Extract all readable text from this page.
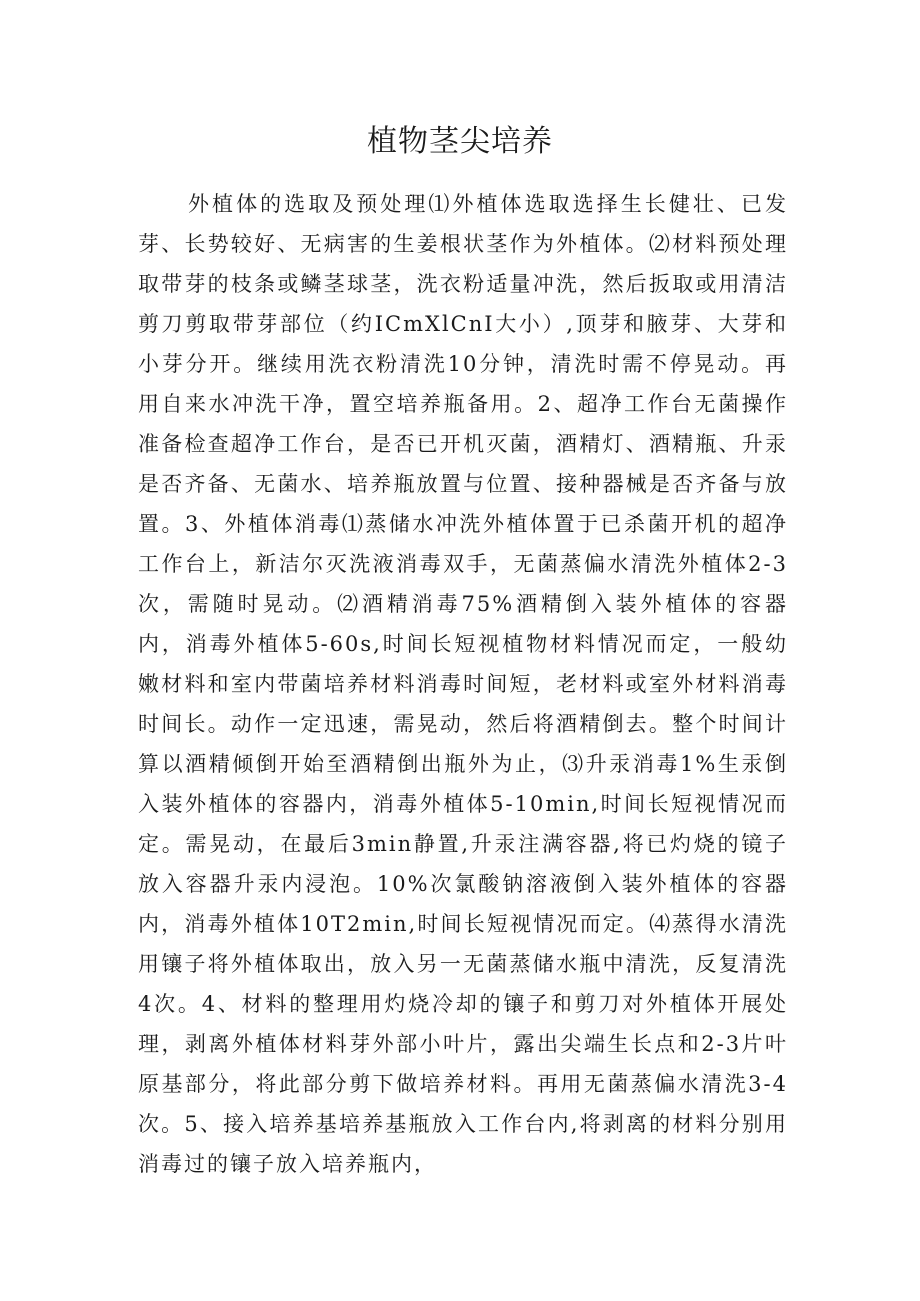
植物茎尖培养

外植体的选取及预处理⑴外植体选取选择生长健壮、已发芽、长势较好、无病害的生姜根状茎作为外植体。⑵材料预处理取带芽的枝条或鳞茎球茎，洗衣粉适量冲洗，然后扳取或用清洁剪刀剪取带芽部位（约ICmXlCnI大小）,顶芽和腋芽、大芽和小芽分开。继续用洗衣粉清洗10分钟，清洗时需不停晃动。再用自来水冲洗干净，置空培养瓶备用。2、超净工作台无菌操作准备检查超净工作台，是否已开机灭菌，酒精灯、酒精瓶、升汞是否齐备、无菌水、培养瓶放置与位置、接种器械是否齐备与放置。3、外植体消毒⑴蒸储水冲洗外植体置于已杀菌开机的超净工作台上，新洁尔灭洗液消毒双手，无菌蒸偏水清洗外植体2-3次，需随时晃动。⑵酒精消毒75%酒精倒入装外植体的容器内，消毒外植体5-60s,时间长短视植物材料情况而定，一般幼嫩材料和室内带菌培养材料消毒时间短，老材料或室外材料消毒时间长。动作一定迅速，需晃动，然后将酒精倒去。整个时间计算以酒精倾倒开始至酒精倒出瓶外为止，⑶升汞消毒1%生汞倒入装外植体的容器内，消毒外植体5-10min,时间长短视情况而定。需晃动，在最后3min静置,升汞注满容器,将已灼烧的镜子放入容器升汞内浸泡。10%次氯酸钠溶液倒入装外植体的容器内，消毒外植体10T2min,时间长短视情况而定。⑷蒸得水清洗用镶子将外植体取出，放入另一无菌蒸储水瓶中清洗，反复清洗4次。4、材料的整理用灼烧冷却的镶子和剪刀对外植体开展处理，剥离外植体材料芽外部小叶片，露出尖端生长点和2-3片叶原基部分，将此部分剪下做培养材料。再用无菌蒸偏水清洗3-4次。5、接入培养基培养基瓶放入工作台内,将剥离的材料分别用消毒过的镶子放入培养瓶内，
